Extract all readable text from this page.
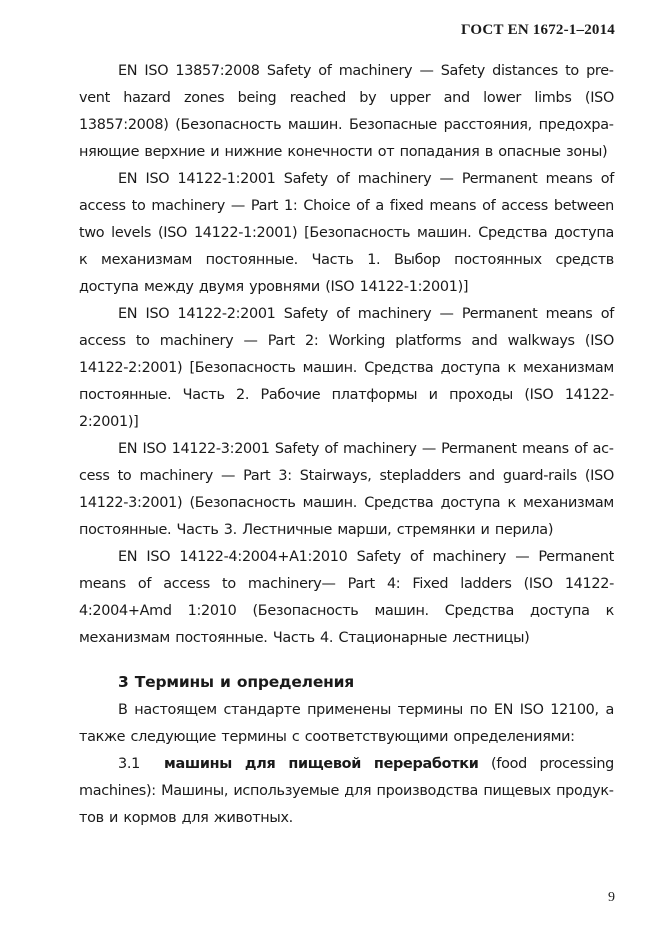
ГОСТ EN 1672-1–2014

EN ISO 13857:2008 Safety of machinery — Safety distances to prevent hazard zones being reached by upper and lower limbs (ISO 13857:2008) (Безопасность машин. Безопасные расстояния, предохраняющие верхние и нижние конечности от попадания в опасные зоны)

EN ISO 14122-1:2001 Safety of machinery — Permanent means of access to machinery — Part 1: Choice of a fixed means of access between two levels (ISO 14122-1:2001) [Безопасность машин. Средства доступа к механизмам постоянные. Часть 1. Выбор постоянных средств доступа между двумя уровнями (ISO 14122-1:2001)]

EN ISO 14122-2:2001 Safety of machinery — Permanent means of access to machinery — Part 2: Working platforms and walkways (ISO 14122-2:2001) [Безопасность машин. Средства доступа к механизмам постоянные. Часть 2. Рабочие платформы и проходы (ISO 14122-2:2001)]

EN ISO 14122-3:2001 Safety of machinery — Permanent means of access to machinery — Part 3: Stairways, stepladders and guard-rails (ISO 14122-3:2001) (Безопасность машин. Средства доступа к механизмам постоянные. Часть 3. Лестничные марши, стремянки и перила)

EN ISO 14122-4:2004+A1:2010 Safety of machinery — Permanent means of access to machinery— Part 4: Fixed ladders (ISO 14122-4:2004+Amd 1:2010 (Безопасность машин. Средства доступа к механизмам постоянные. Часть 4. Стационарные лестницы)

3 Термины и определения

В настоящем стандарте применены термины по EN ISO 12100, а также следующие термины с соответствующими определениями:

3.1 машины для пищевой переработки (food processing machines): Машины, используемые для производства пищевых продуктов и кормов для животных.

9
